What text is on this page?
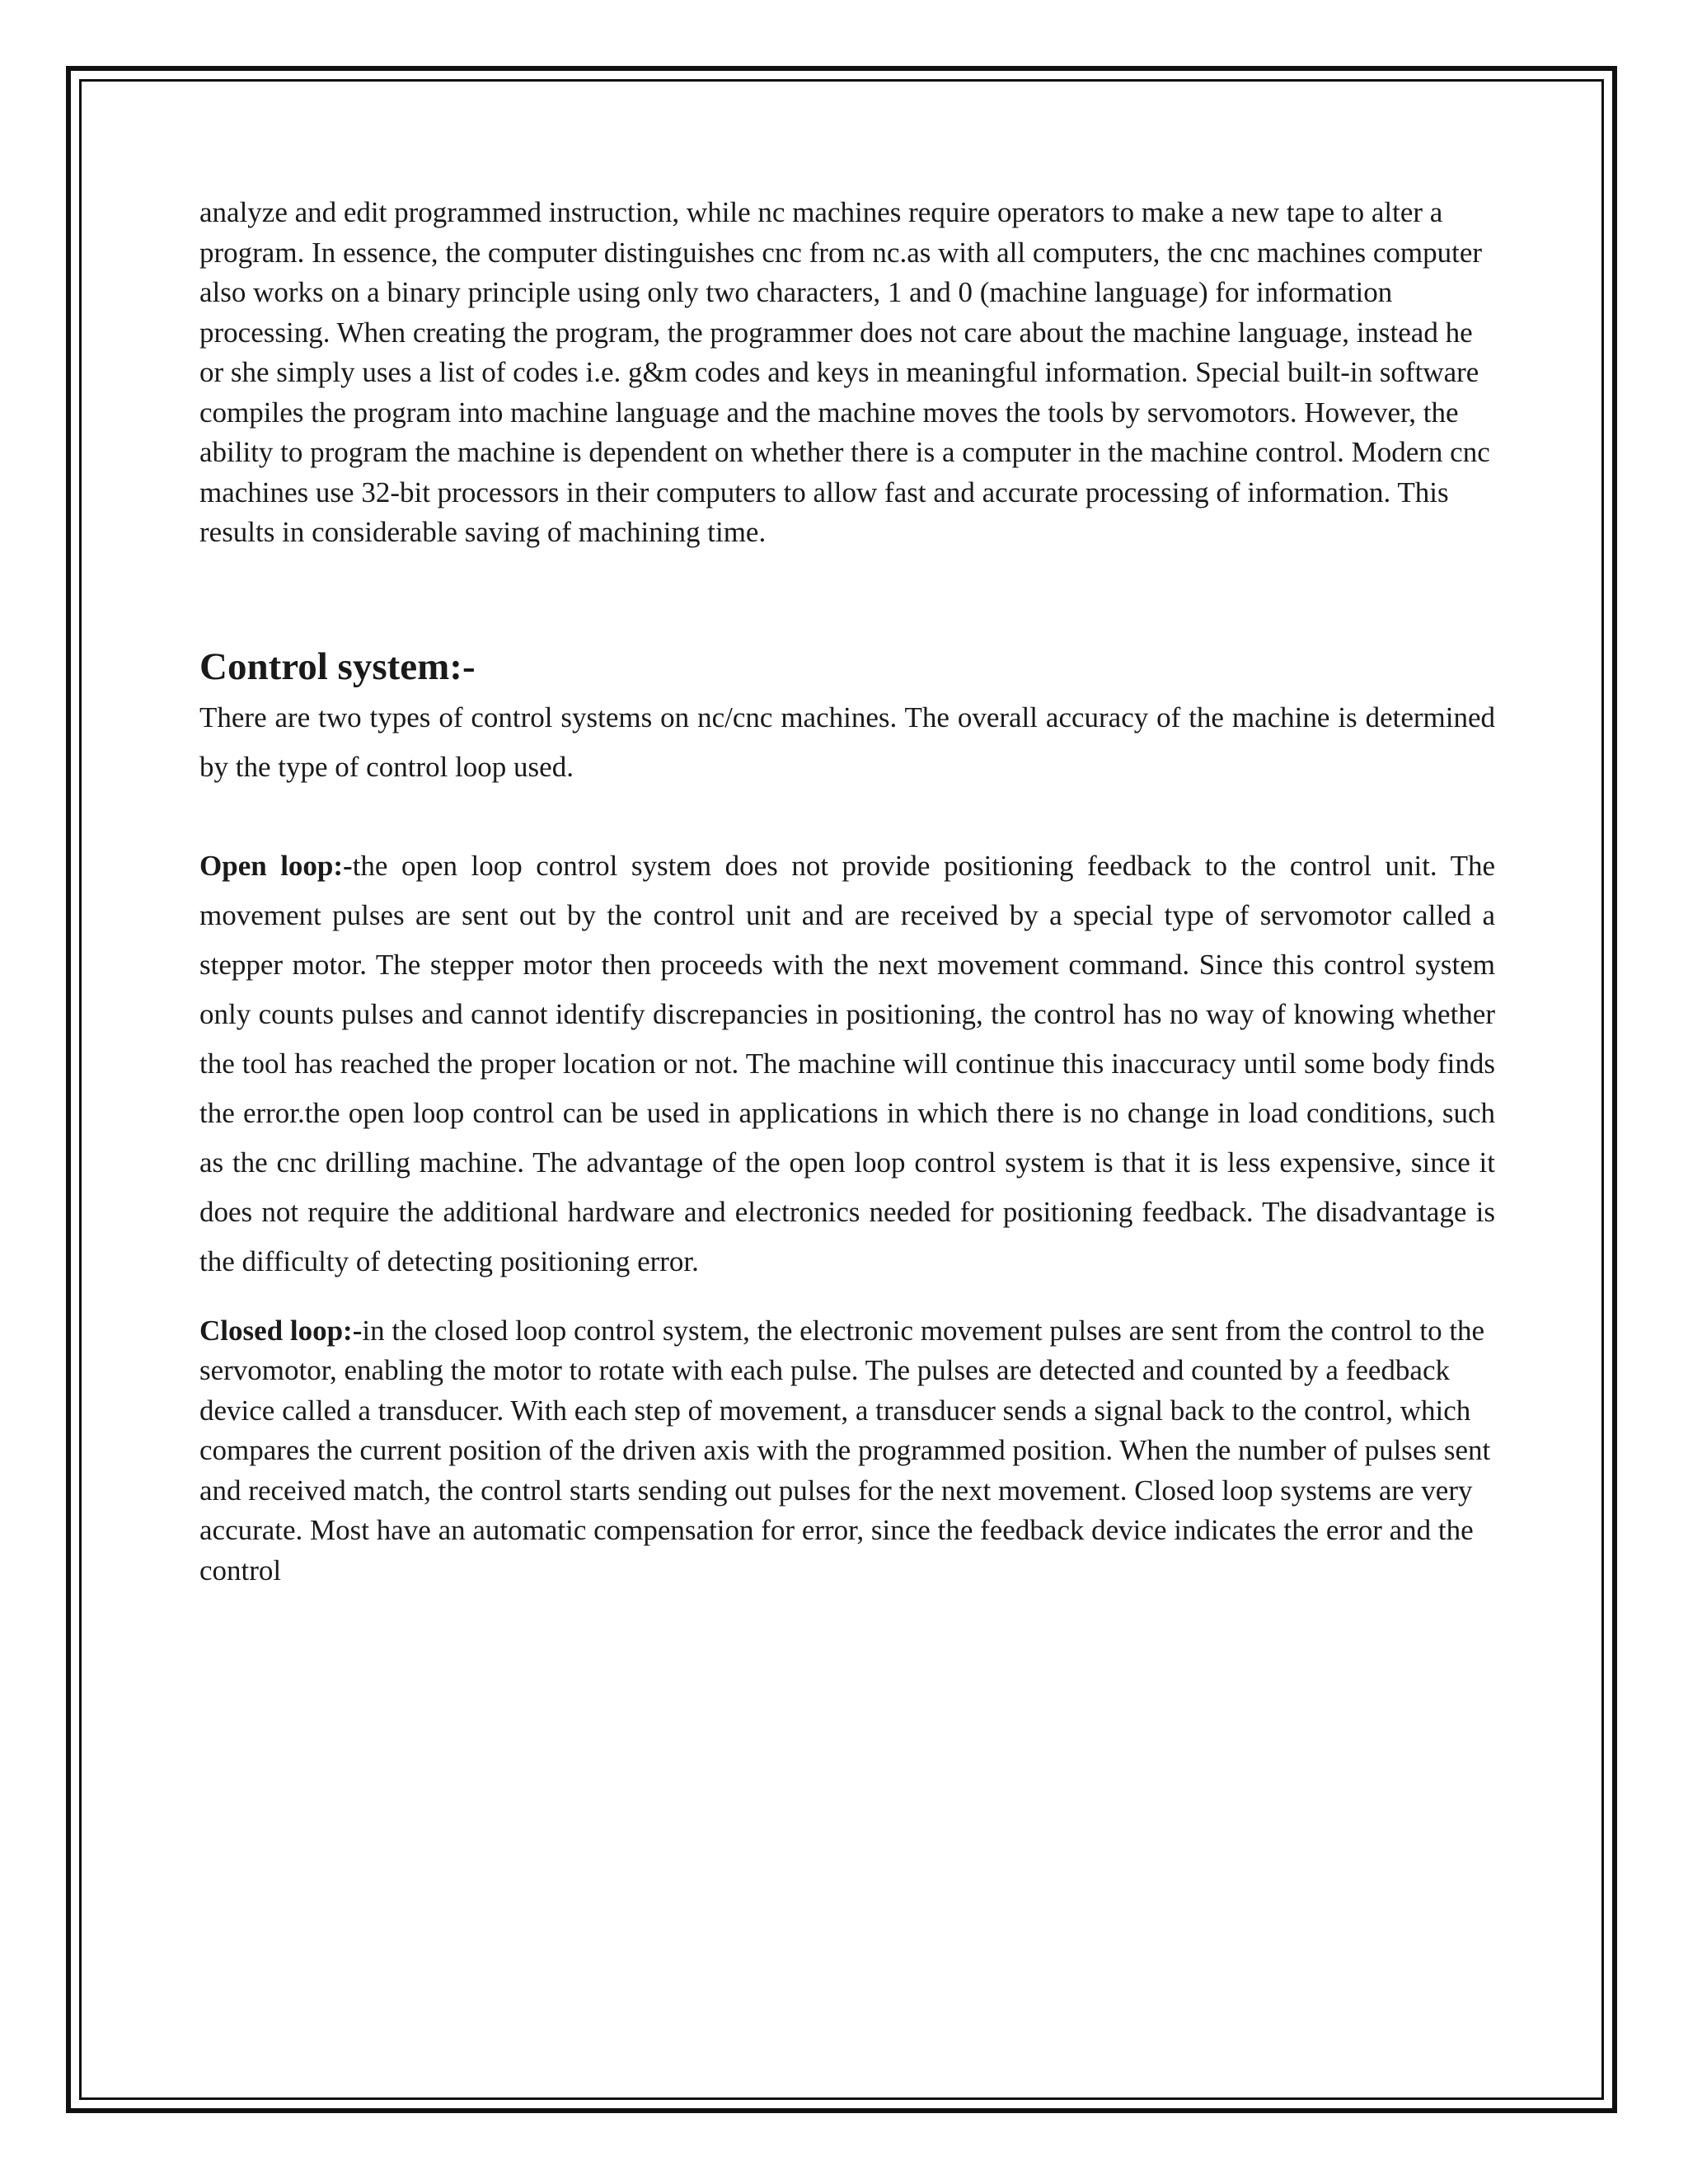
analyze and edit programmed instruction, while nc machines require operators to make a new tape to alter a program. In essence, the computer distinguishes cnc from nc.as with all computers, the cnc machines computer also works on a binary principle using only two characters, 1 and 0 (machine language) for information processing. When creating the program, the programmer does not care about the machine language, instead he or she simply uses a list of codes i.e. g&m codes and keys in meaningful information. Special built-in software compiles the program into machine language and the machine moves the tools by servomotors. However, the ability to program the machine is dependent on whether there is a computer in the machine control. Modern cnc machines use 32-bit processors in their computers to allow fast and accurate processing of information. This results in considerable saving of machining time.

Control system:-

There are two types of control systems on nc/cnc machines. The overall accuracy of the machine is determined by the type of control loop used.

Open loop:-the open loop control system does not provide positioning feedback to the control unit. The movement pulses are sent out by the control unit and are received by a special type of servomotor called a stepper motor. The stepper motor then proceeds with the next movement command. Since this control system only counts pulses and cannot identify discrepancies in positioning, the control has no way of knowing whether the tool has reached the proper location or not. The machine will continue this inaccuracy until some body finds the error.the open loop control can be used in applications in which there is no change in load conditions, such as the cnc drilling machine. The advantage of the open loop control system is that it is less expensive, since it does not require the additional hardware and electronics needed for positioning feedback. The disadvantage is the difficulty of detecting positioning error.

Closed loop:-in the closed loop control system, the electronic movement pulses are sent from the control to the servomotor, enabling the motor to rotate with each pulse. The pulses are detected and counted by a feedback device called a transducer. With each step of movement, a transducer sends a signal back to the control, which compares the current position of the driven axis with the programmed position. When the number of pulses sent and received match, the control starts sending out pulses for the next movement. Closed loop systems are very accurate. Most have an automatic compensation for error, since the feedback device indicates the error and the control
